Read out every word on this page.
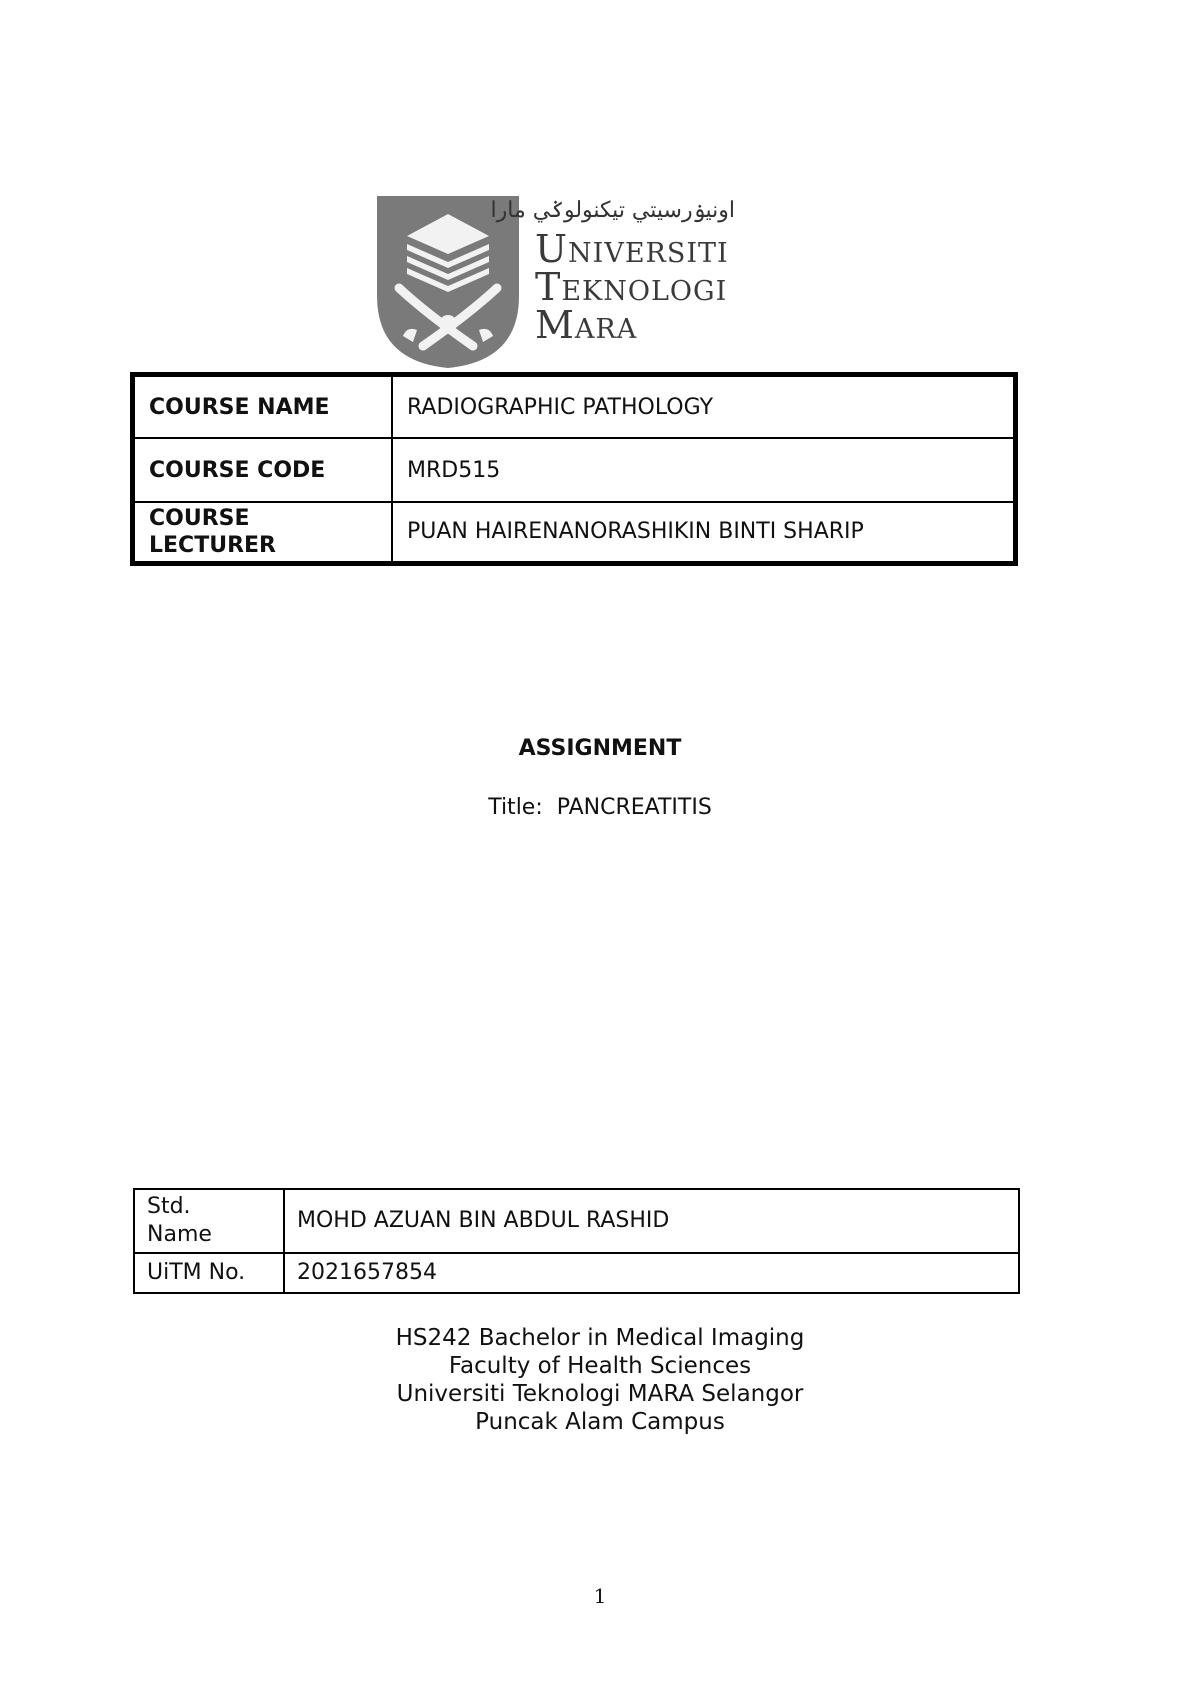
اونيۏرسيتي تيكنولوݢي مارا
Universiti
Teknologi
Mara
COURSE NAME	RADIOGRAPHIC PATHOLOGY
COURSE CODE	MRD515

COURSE
LECTURER	PUAN HAIRENANORASHIKIN BINTI SHARIP
ASSIGNMENT
Title:  PANCREATITIS
Std.
Name	MOHD AZUAN BIN ABDUL RASHID
UiTM No.	2021657854
HS242 Bachelor in Medical Imaging
Faculty of Health Sciences
Universiti Teknologi MARA Selangor
Puncak Alam Campus
1
